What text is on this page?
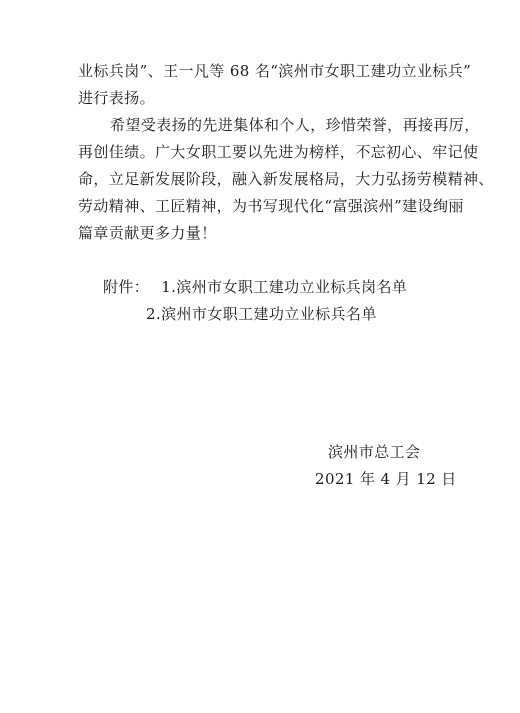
业标兵岗”、王一凡等 68 名“滨州市女职工建功立业标兵”
进行表扬。
希望受表扬的先进集体和个人，珍惜荣誉，再接再厉，
再创佳绩。广大女职工要以先进为榜样，不忘初心、牢记使
命，立足新发展阶段，融入新发展格局，大力弘扬劳模精神、
劳动精神、工匠精神，为书写现代化“富强滨州”建设绚丽
篇章贡献更多力量！
附件： 1.滨州市女职工建功立业标兵岗名单
2.滨州市女职工建功立业标兵名单
滨州市总工会
2021 年 4 月 12 日
